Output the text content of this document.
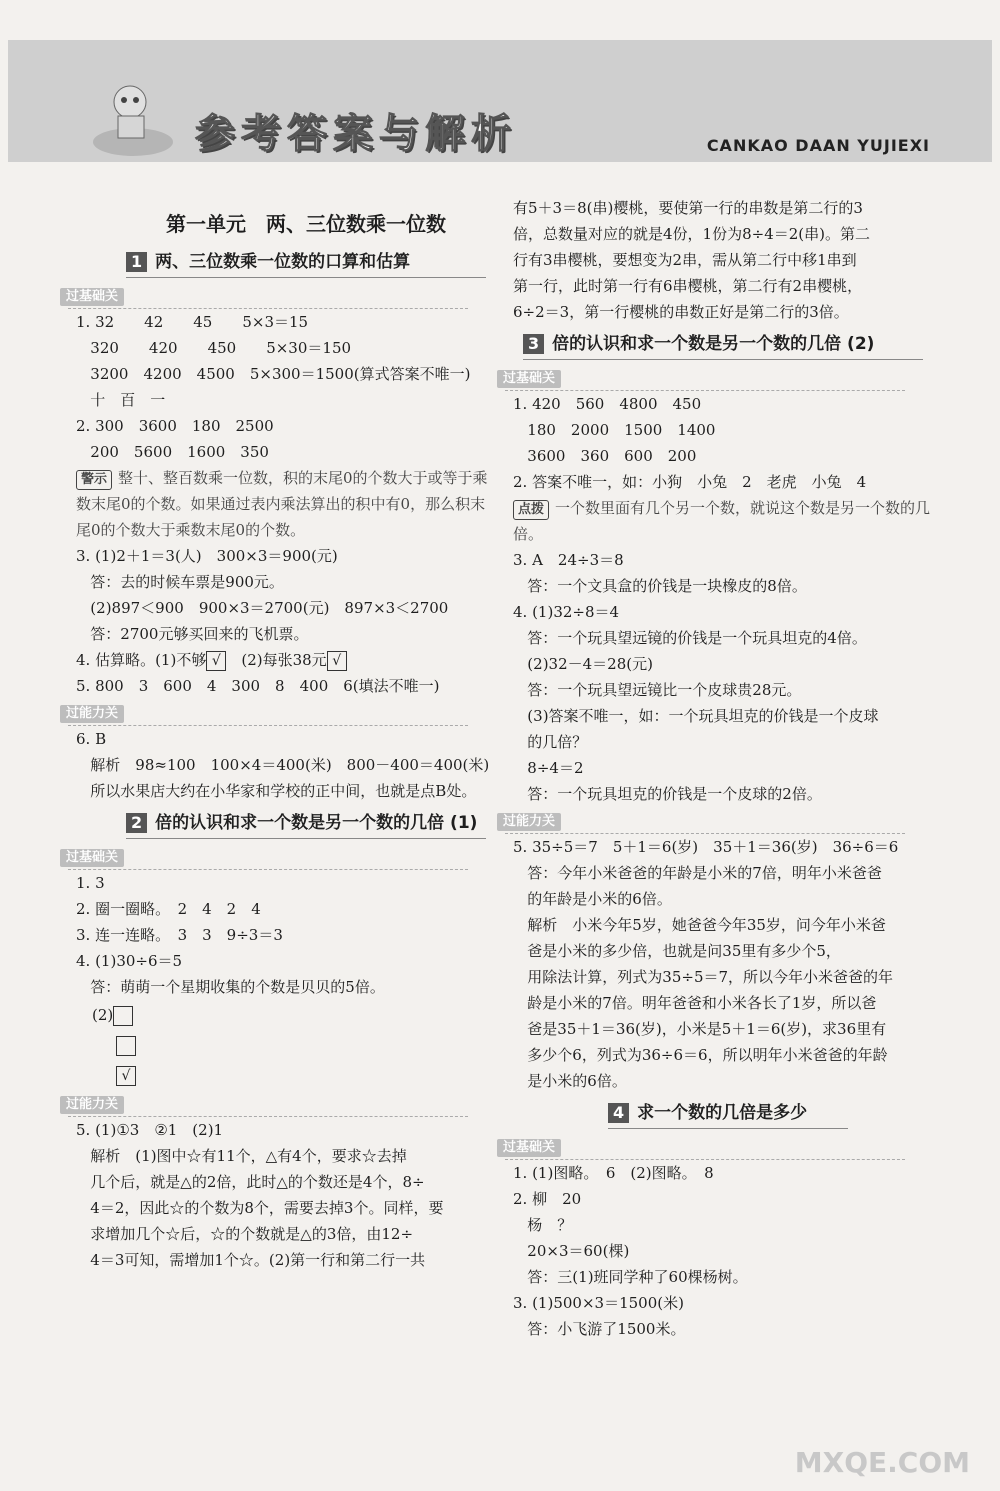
参考答案与解析	CANKAO DAAN YUJIEXI
第一单元　两、三位数乘一位数
1 两、三位数乘一位数的口算和估算
过基础关
1. 32　　42　　45　　5×3＝15
320　　420　　450　　5×30＝150
3200　4200　4500　5×300＝1500(算式答案不唯一)
十　百　一
2. 300　3600　180　2500
200　5600　1600　350
警示 整十、整百数乘一位数，积的末尾0的个数大于或等于乘数末尾0的个数。如果通过表内乘法算出的积中有0，那么积末尾0的个数大于乘数末尾0的个数。
3. (1)2＋1＝3(人)　300×3＝900(元)
答：去的时候车票是900元。
(2)897＜900　900×3＝2700(元)　897×3＜2700
答：2700元够买回来的飞机票。
4. 估算略。(1)不够 √　 (2)每张38元 √
5. 800　3　600　4　300　8　400　6(填法不唯一)
过能力关
6. B
解析　98≈100　100×4＝400(米)　800－400＝400(米)
所以水果店大约在小华家和学校的正中间，也就是点B处。
2 倍的认识和求一个数是另一个数的几倍 (1)
过基础关
1. 3
2. 圈一圈略。　2　4　2　4
3. 连一连略。　3　3　9÷3＝3
4. (1)30÷6＝5
答：萌萌一个星期收集的个数是贝贝的5倍。
(2)
√
过能力关
5. (1)①3　②1　(2)1
解析　(1)图中☆有11个，△有4个，要求☆去掉
几个后，就是△的2倍，此时△的个数还是4个，8÷
4＝2，因此☆的个数为8个，需要去掉3个。同样，要
求增加几个☆后，☆的个数就是△的3倍，由12÷
4＝3可知，需增加1个☆。(2)第一行和第二行一共
有5＋3＝8(串)樱桃，要使第一行的串数是第二行的3
倍，总数量对应的就是4份，1份为8÷4＝2(串)。第二
行有3串樱桃，要想变为2串，需从第二行中移1串到
第一行，此时第一行有6串樱桃，第二行有2串樱桃，
6÷2＝3，第一行樱桃的串数正好是第二行的3倍。
3 倍的认识和求一个数是另一个数的几倍 (2)
过基础关
1. 420　560　4800　450
180　2000　1500　1400
3600　360　600　200
2. 答案不唯一，如：小狗　小兔　2　老虎　小兔　4
点拨 一个数里面有几个另一个数，就说这个数是另一个数的几倍。
3. A　24÷3＝8
答：一个文具盒的价钱是一块橡皮的8倍。
4. (1)32÷8＝4
答：一个玩具望远镜的价钱是一个玩具坦克的4倍。
(2)32－4＝28(元)
答：一个玩具望远镜比一个皮球贵28元。
(3)答案不唯一，如：一个玩具坦克的价钱是一个皮球
的几倍？
8÷4＝2
答：一个玩具坦克的价钱是一个皮球的2倍。
过能力关
5. 35÷5＝7　5＋1＝6(岁)　35＋1＝36(岁)　36÷6＝6
答：今年小米爸爸的年龄是小米的7倍，明年小米爸爸
的年龄是小米的6倍。
解析　小米今年5岁，她爸爸今年35岁，问今年小米爸
爸是小米的多少倍，也就是问35里有多少个5，
用除法计算，列式为35÷5＝7，所以今年小米爸爸的年
龄是小米的7倍。明年爸爸和小米各长了1岁，所以爸
爸是35＋1＝36(岁)，小米是5＋1＝6(岁)，求36里有
多少个6，列式为36÷6＝6，所以明年小米爸爸的年龄
是小米的6倍。
4 求一个数的几倍是多少
过基础关
1. (1)图略。　6　(2)图略。　8
2. 柳　20
杨　？
20×3＝60(棵)
答：三(1)班同学种了60棵杨树。
3. (1)500×3＝1500(米)
答：小飞游了1500米。
MXQE.COM
